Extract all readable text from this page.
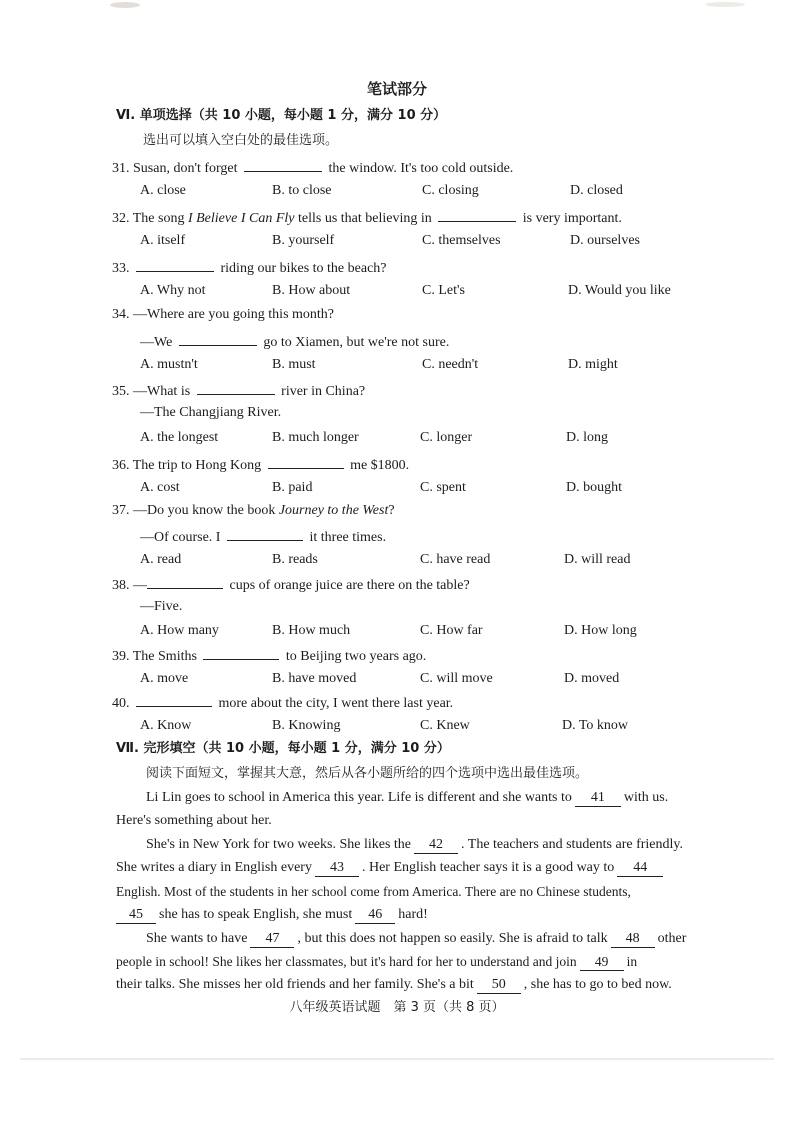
笔试部分
Ⅵ. 单项选择（共 10 小题，每小题 1 分，满分 10 分）
选出可以填入空白处的最佳选项。
31. Susan, don't forget	the window. It's too cold outside.
A. close	B. to close	C. closing	D. closed
32. The song I Believe I Can Fly tells us that believing in	is very important.
A. itself	B. yourself	C. themselves	D. ourselves
33.	riding our bikes to the beach?
A. Why not	B. How about	C. Let's	D. Would you like
34. —Where are you going this month?
—We	go to Xiamen, but we're not sure.
A. mustn't	B. must	C. needn't	D. might
35. —What is	river in China?
—The Changjiang River.
A. the longest	B. much longer	C. longer	D. long
36. The trip to Hong Kong	me $1800.
A. cost	B. paid	C. spent	D. bought
37. —Do you know the book Journey to the West?
—Of course. I	it three times.
A. read	B. reads	C. have read	D. will read
38. —	cups of orange juice are there on the table?
—Five.
A. How many	B. How much	C. How far	D. How long
39. The Smiths	to Beijing two years ago.
A. move	B. have moved	C. will move	D. moved
40.	more about the city, I went there last year.
A. Know	B. Knowing	C. Knew	D. To know
Ⅶ. 完形填空（共 10 小题，每小题 1 分，满分 10 分）
阅读下面短文，掌握其大意，然后从各小题所给的四个选项中选出最佳选项。
Li Lin goes to school in America this year. Life is different and she wants to 41 with us.
Here's something about her.
She's in New York for two weeks. She likes the 42 . The teachers and students are friendly.
She writes a diary in English every 43 . Her English teacher says it is a good way to 44
English. Most of the students in her school come from America. There are no Chinese students,
45 she has to speak English, she must 46 hard!
She wants to have 47 , but this does not happen so easily. She is afraid to talk 48 other
people in school! She likes her classmates, but it's hard for her to understand and join 49 in
their talks. She misses her old friends and her family. She's a bit 50 , she has to go to bed now.
八年级英语试题　第 3 页（共 8 页）
